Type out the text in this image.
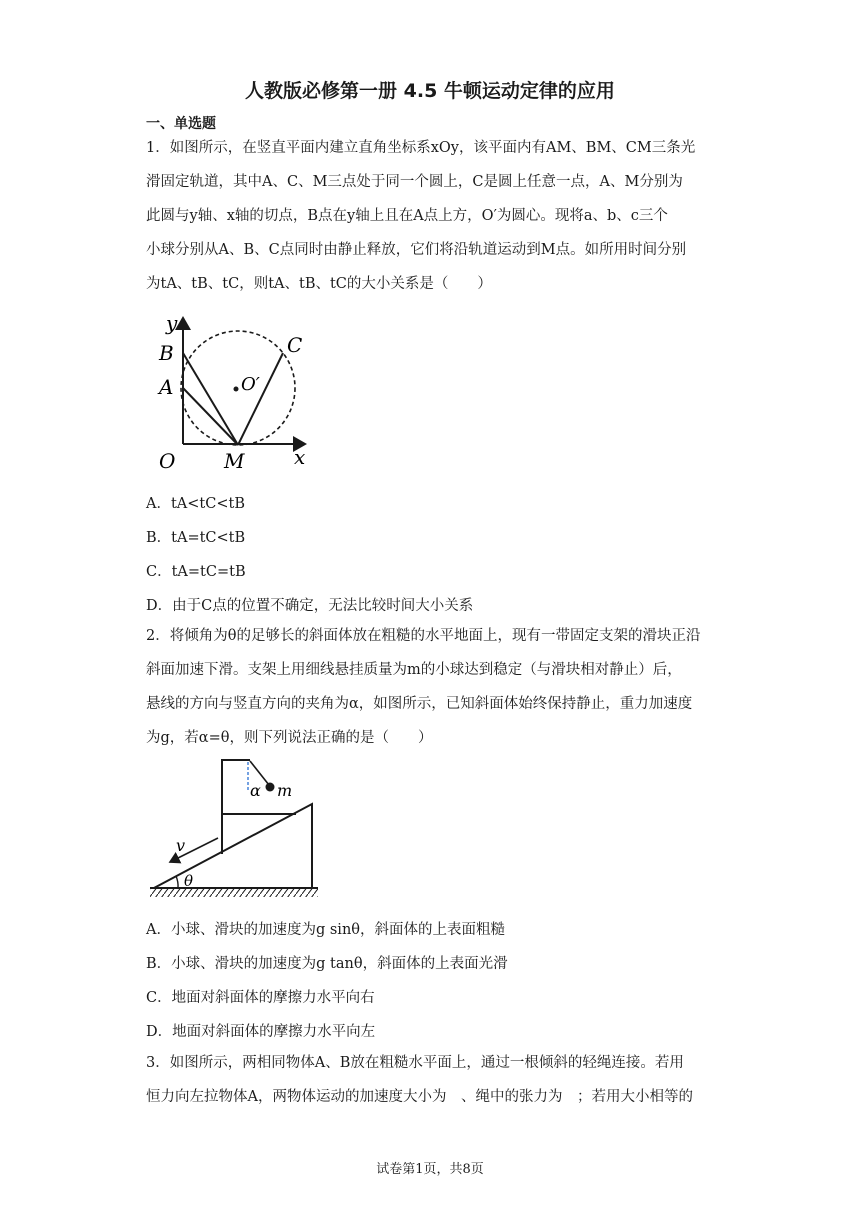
人教版必修第一册 4.5 牛顿运动定律的应用
一、单选题
1．如图所示，在竖直平面内建立直角坐标系xOy，该平面内有AM、BM、CM三条光
滑固定轨道，其中A、C、M三点处于同一个圆上，C是圆上任意一点，A、M分别为
此圆与y轴、x轴的切点，B点在y轴上且在A点上方，O′为圆心。现将a、b、c三个
小球分别从A、B、C点同时由静止释放，它们将沿轨道运动到M点。如所用时间分别
为tA、tB、tC，则tA、tB、tC的大小关系是（　　）
y
B
A
C
O′
O M x
A．tA<tC<tB
B．tA=tC<tB
C．tA=tC=tB
D．由于C点的位置不确定，无法比较时间大小关系
2．将倾角为θ的足够长的斜面体放在粗糙的水平地面上，现有一带固定支架的滑块正沿
斜面加速下滑。支架上用细线悬挂质量为m的小球达到稳定（与滑块相对静止）后，
悬线的方向与竖直方向的夹角为α，如图所示，已知斜面体始终保持静止，重力加速度
为g，若α=θ，则下列说法正确的是（　　）
α m
v
θ
A．小球、滑块的加速度为g sinθ，斜面体的上表面粗糙
B．小球、滑块的加速度为g tanθ，斜面体的上表面光滑
C．地面对斜面体的摩擦力水平向右
D．地面对斜面体的摩擦力水平向左
3．如图所示，两相同物体A、B放在粗糙水平面上，通过一根倾斜的轻绳连接。若用
恒力向左拉物体A，两物体运动的加速度大小为　、绳中的张力为　；若用大小相等的
试卷第1页，共8页
